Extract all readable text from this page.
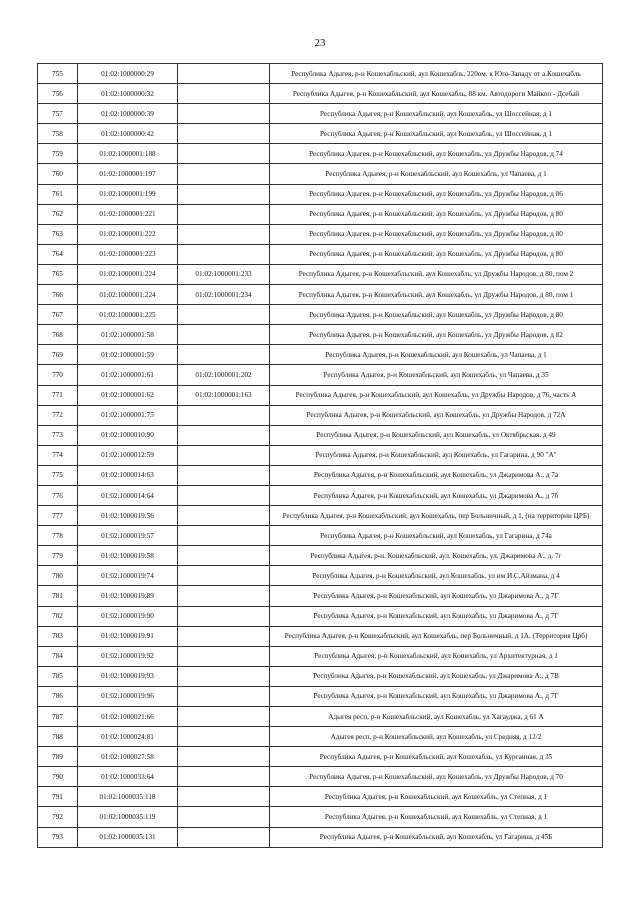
23
755	01:02:1000000:29		Республика Адыгея, р-н Кошехабльский, аул Кошехабль, 220ом. к Юго-Западу от а.Кошехабль
756	01:02:1000000:32		Республика Адыгея, р-н Кошехабльский, аул Кошехабль, 88 км. Автодороги Майкоп - Дсебай
757	01:02:1000000:39		Республика Адыгея, р-н Кошехабльский, аул Кошехабль, ул Шоссейная, д 1
758	01:02:1000000:42		Республика Адыгея, р-н Кошехабльский, аул Кошехабль, ул Шоссейная, д 1
759	01:02:1000001:188		Республика Адыгея, р-н Кошехабльский, аул Кошехабль, ул Дружбы Народов, д 74
760	01:02:1000001:197		Республика Адыгея, р-н Кошехабльский, аул Кошехабль, ул Чапаева, д 1
761	01:02:1000001:199		Республика Адыгея, р-н Кошехабльский, аул Кошехабль, ул Дружбы Народов, д 86
762	01:02:1000001:221		Республика Адыгея, р-н Кошехабльский, аул Кошехабль, ул Дружбы Народов, д 80
763	01:02:1000001:222		Республика Адыгея, р-н Кошехабльский, аул Кошехабль, ул Дружбы Народов, д 80
764	01:02:1000001:223		Республика Адыгея, р-н Кошехабльский, аул Кошехабль, ул Дружбы Народов, д 80
765	01:02:1000001:224	01:02:1000001:233	Республика Адыгея, р-н Кошехабльский, аул Кошехабль, ул Дружбы Народов, д 80, пом 2
766	01:02:1000001:224	01:02:1000001:234	Республика Адыгея, р-н Кошехабльский, аул Кошехабль, ул Дружбы Народов, д 80, пом 1
767	01:02:1000001:225		Республика Адыгея, р-н Кошехабльский, аул Кошехабль, ул Дружбы Народов, д 80
768	01:02:1000001:58		Республика Адыгея, р-н Кошехабльский, аул Кошехабль, ул Дружбы Народов, д 82
769	01:02:1000001:59		Республика Адыгея, р-н Кошехабльский, аул Кошехабль, ул Чапаева, д 1
770	01:02:1000001:61	01:02:1000001:202	Республика Адыгея, р-н Кошехабльский, аул Кошехабль, ул Чапаева, д 35
771	01:02:1000001:62	01:02:1000001:163	Республика Адыгея, р-н Кошехабльский, аул Кошехабль, ул Дружбы Народов, д 76, часть А
772	01:02:1000001:75		Республика Адыгея, р-н Кошехабльский, аул Кошехабль, ул Дружбы Народов, д 72А
773	01:02:1000010:90		Республика Адыгея, р-н Кошехабльский, аул Кошехабль, ул Октябрьская, д 49
774	01:02:1000012:59		Республика Адыгея, р-н Кошехабльский, аул Кошехабль, ул Гагарина, д 90 "А"
775	01:02:1000014:63		Республика Адыгея, р-н Кошехабльский, аул Кошехабль, ул Джаримова А., д 7а
776	01:02:1000014:64		Республика Адыгея, р-н Кошехабльский, аул Кошехабль, ул Джаримова А., д 7б
777	01:02:1000019:56		Республика Адыгея, р-н Кошехабльский, аул Кошехабль, пер Больничный, д 1, (на территории ЦРБ)
778	01:02:1000019:57		Республика Адыгея, р-н Кошехабльский, аул Кошехабль, ул Гагарина, д 74а
779	01:02:1000019:58		Республика Адыгея, р-н. Кошехабльский, аул. Кошехабль, ул. Джаримова А., д. 7г
780	01:02:1000019:74		Республика Адыгея, р-н Кошехабльский, аул Кошехабль, ул им И.С.Айзмана, д 4
781	01:02:1000019:89		Республика Адыгея, р-н Кошехабльский, аул Кошехабль, ул Джаримова А., д 7Г
782	01:02:1000019:90		Республика Адыгея, р-н Кошехабльский, аул Кошехабль, ул Джаримова А., д 7Г
783	01:02:1000019:91		Республика Адыгея, р-н Кошехабльский, аул Кошехабль, пер Больничный, д 1А, (Территория Црб)
784	01:02:1000019:92		Республика Адыгея, р-н Кошехабльский, аул Кошехабль, ул Архитектурная, д 1
785	01:02:1000019:93		Республика Адыгея, р-н Кошехабльский, аул Кошехабль, ул Джаримова А., д 7В
786	01:02:1000019:96		Республика Адыгея, р-н Кошехабльский, аул Кошехабль, ул Джаримова А., д 7Г
787	01:02:1000021:66		Адыгея респ, р-н Кошехабльский, аул Кошехабль, ул Хагауджа, д 61 А
788	01:02:1000024:81		Адыгея респ, р-н Кошехабльский, аул Кошехабль, ул Средняя, д 12/2
789	01:02:1000027:58		Республика Адыгея, р-н Кошехабльский, аул Кошехабль, ул Курганная, д 35
790	01:02:1000033:64		Республика Адыгея, р-н Кошехабльский, аул Кошехабль, ул Дружбы Народов, д 70
791	01:02:1000035:118		Республика Адыгея, р-н Кошехабльский, аул Кошехабль, ул Степная, д 1
792	01:02:1000035:119		Республика Адыгея, р-н Кошехабльский, аул Кошехабль, ул Степная, д 1
793	01:02:1000035:131		Республика Адыгея, р-н Кошехабльский, аул Кошехабль, ул Гагарина, д 45Б
